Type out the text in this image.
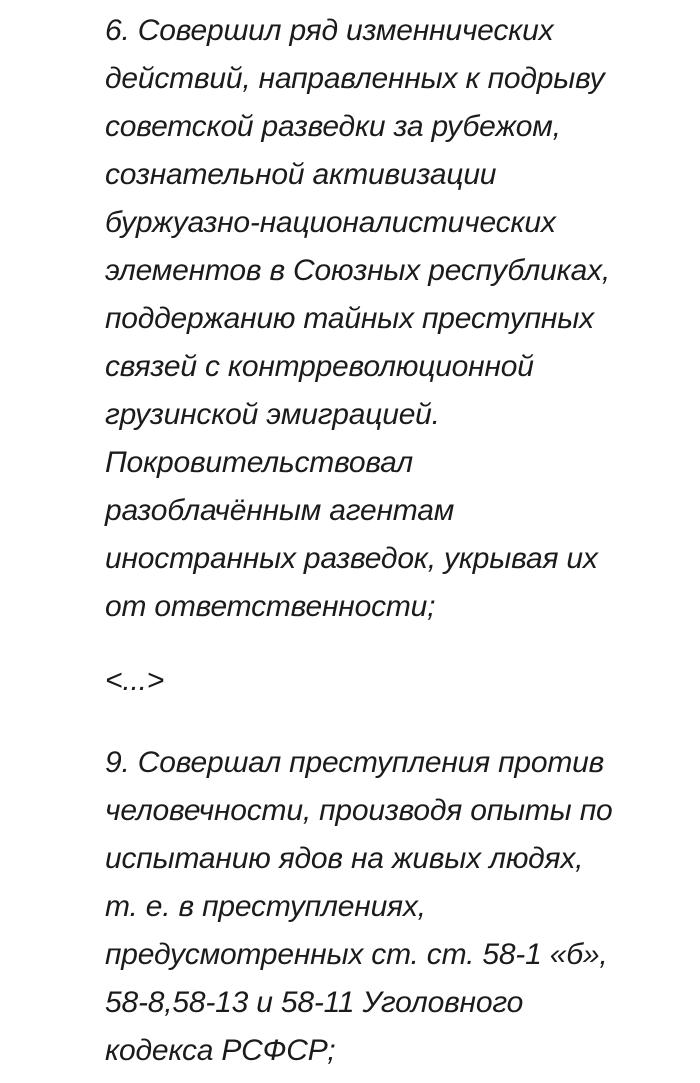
6. Совершил ряд изменнических
действий, направленных к подрыву
советской разведки за рубежом,
сознательной активизации
буржуазно-националистических
элементов в Союзных республиках,
поддержанию тайных преступных
связей с контрреволюционной
грузинской эмиграцией.
Покровительствовал
разоблачённым агентам
иностранных разведок, укрывая их
от ответственности;
<...>
9. Совершал преступления против
человечности, производя опыты по
испытанию ядов на живых людях,
т. е. в преступлениях,
предусмотренных ст. ст. 58-1 «б»,
58-8,58-13 и 58-11 Уголовного
кодекса РСФСР;
